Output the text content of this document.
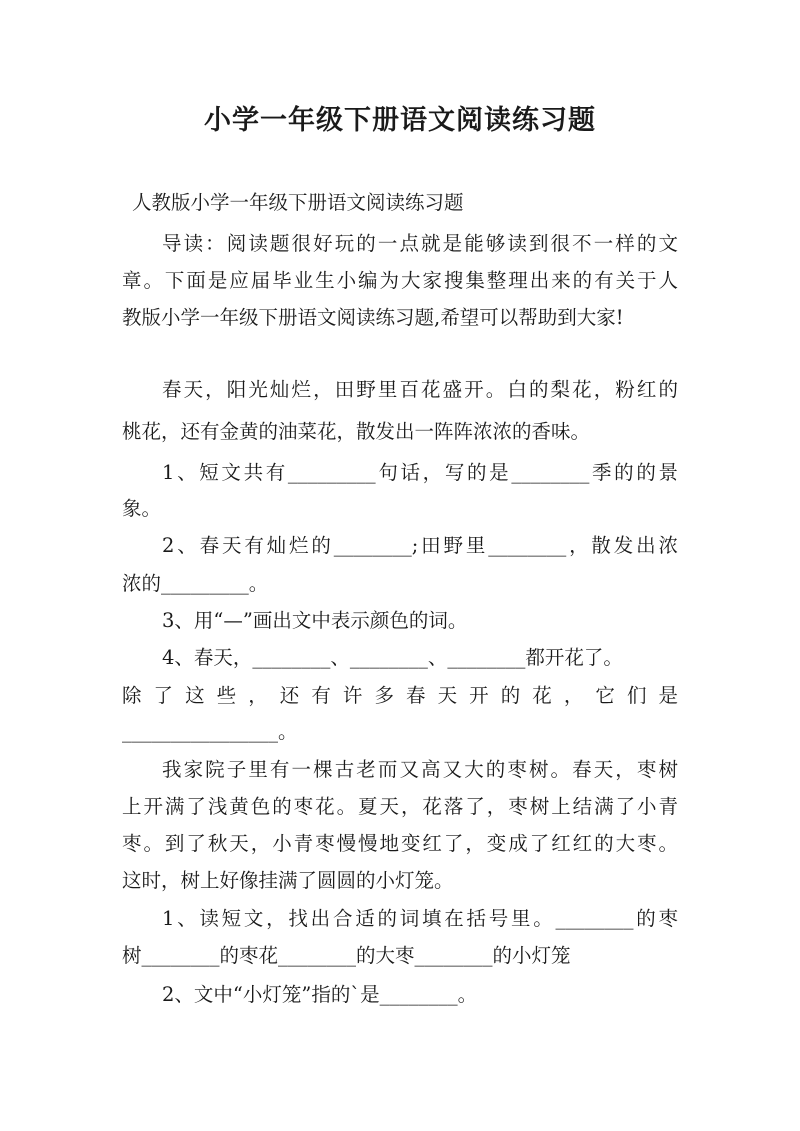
小学一年级下册语文阅读练习题
人教版小学一年级下册语文阅读练习题
导读：阅读题很好玩的一点就是能够读到很不一样的文
章。下面是应届毕业生小编为大家搜集整理出来的有关于人
教版小学一年级下册语文阅读练习题,希望可以帮助到大家!
春天，阳光灿烂，田野里百花盛开。白的梨花，粉红的
桃花，还有金黄的油菜花，散发出一阵阵浓浓的香味。
1、短文共有_________句话，写的是________季的的景
象。
2、春天有灿烂的________;田野里________，散发出浓
浓的_________。
3、用“—”画出文中表示颜色的词。
4、春天，________、________、________都开花了。
除 了 这 些 ， 还 有 许 多 春 天 开 的 花 ， 它 们 是
________________。
我家院子里有一棵古老而又高又大的枣树。春天，枣树
上开满了浅黄色的枣花。夏天，花落了，枣树上结满了小青
枣。到了秋天，小青枣慢慢地变红了，变成了红红的大枣。
这时，树上好像挂满了圆圆的小灯笼。
1、读短文，找出合适的词填在括号里。________的枣
树________的枣花________的大枣________的小灯笼
2、文中“小灯笼”指的`是________。
